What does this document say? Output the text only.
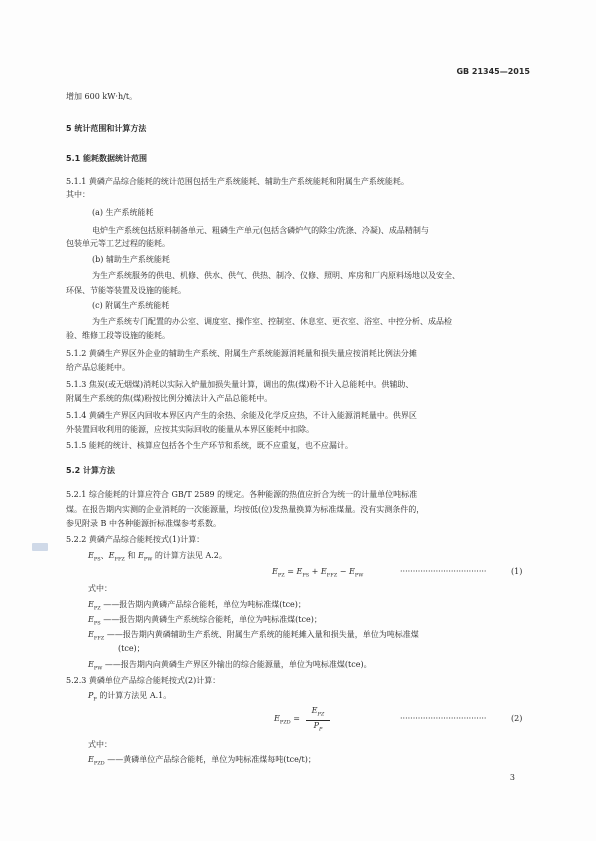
GB 21345—2015
增加 600 kW·h/t。
5 统计范围和计算方法
5.1 能耗数据统计范围
5.1.1 黄磷产品综合能耗的统计范围包括生产系统能耗、辅助生产系统能耗和附属生产系统能耗。
其中：
(a) 生产系统能耗
电炉生产系统包括原料制备单元、粗磷生产单元(包括含磷炉气的除尘/洗涤、冷凝)、成品精制与
包装单元等工艺过程的能耗。
(b) 辅助生产系统能耗
为生产系统服务的供电、机修、供水、供气、供热、制冷、仪修、照明、库房和厂内原料场地以及安全、
环保、节能等装置及设施的能耗。
(c) 附属生产系统能耗
为生产系统专门配置的办公室、调度室、操作室、控制室、休息室、更衣室、浴室、中控分析、成品检
验、维修工段等设施的能耗。
5.1.2 黄磷生产界区外企业的辅助生产系统、附属生产系统能源消耗量和损失量应按消耗比例法分摊
给产品总能耗中。
5.1.3 焦炭(或无烟煤)消耗以实际入炉量加损失量计算，调出的焦(煤)粉不计入总能耗中。供辅助、
附属生产系统的焦(煤)粉按比例分摊法计入产品总能耗中。
5.1.4 黄磷生产界区内回收本界区内产生的余热、余能及化学反应热，不计入能源消耗量中。供界区
外装置回收利用的能源，应按其实际回收的能量从本界区能耗中扣除。
5.1.5 能耗的统计、核算应包括各个生产环节和系统，既不应重复，也不应漏计。
5.2 计算方法
5.2.1 综合能耗的计算应符合 GB/T 2589 的规定。各种能源的热值应折合为统一的计量单位吨标准
煤。在报告期内实测的企业消耗的一次能源量，均按低(位)发热量换算为标准煤量。没有实测条件的，
参见附录 B 中各种能源折标准煤参考系数。
5.2.2 黄磷产品综合能耗按式(1)计算：
$E_{PS}$、$E_{FFZ}$ 和 $E_{PW}$ 的计算方法见 A.2。
$E_{PZ} = E_{PS} + E_{FFZ} - E_{PW}$	··································	(1)
式中：
$E_{PZ}$ ——报告期内黄磷产品综合能耗，单位为吨标准煤(tce)；
$E_{PS}$ ——报告期内黄磷生产系统综合能耗，单位为吨标准煤(tce)；
$E_{FFZ}$ ——报告期内黄磷辅助生产系统、附属生产系统的能耗摊入量和损失量，单位为吨标准煤
(tce)；
$E_{PW}$ ——报告期内向黄磷生产界区外输出的综合能源量，单位为吨标准煤(tce)。
5.2.3 黄磷单位产品综合能耗按式(2)计算：
$P_P$ 的计算方法见 A.1。
$E_{PZD}$ =
$E_{PZ}$
$P_P$
··································	(2)
式中：
$E_{PZD}$ ——黄磷单位产品综合能耗，单位为吨标准煤每吨(tce/t)；
3
